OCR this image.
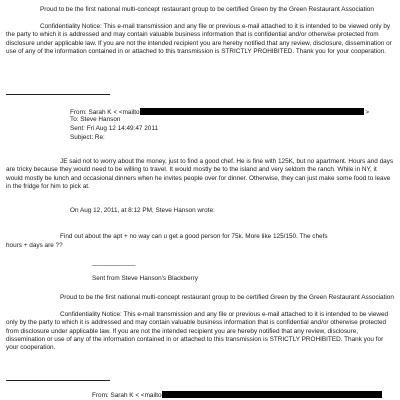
Proud to be the first national multi-concept restaurant group to be certified Green by the Green Restaurant Association

Confidentiality Notice: This e-mail transmission and any file or previous e-mail attached to it is intended to be viewed only by the party to which it is addressed and may contain valuable business information that is confidential and/or otherwise protected from disclosure under applicable law. If you are not the intended recipient you are hereby notified that any review, disclosure, dissemination or use of any of the information contained in or attached to this transmission is STRICTLY PROHIBITED. Thank you for your cooperation.

From: Sarah K < <mailto	>
To: Steve Hanson
Sent: Fri Aug 12 14:49:47 2011
Subject: Re:

JE said not to worry about the money, just to find a good chef. He is fine with 125K, but no apartment. Hours and days are tricky because they would need to be willing to travel. It would mostly be to the island and very seldom the ranch. While in NY, it would mostly be lunch and occasional dinners when he invites people over for dinner. Otherwise, they can just make some food to leave in the fridge for him to pick at.

On Aug 12, 2011, at 8:12 PM, Steve Hanson wrote:

Find out about the apt + no way can u get a good person for 75k. More like 125/150. The chefs

hours + days are ??
______________
Sent from Steve Hanson's Blackberry

Proud to be the first national multi-concept restaurant group to be certified Green by the Green Restaurant Association

Confidentiality Notice: This e-mail transmission and any file or previous e-mail attached to it is intended to be viewed only by the party to which it is addressed and may contain valuable business information that is confidential and/or otherwise protected from disclosure under applicable law. If you are not the intended recipient you are hereby notified that any review, disclosure, dissemination or use of any of the information contained in or attached to this transmission is STRICTLY PROHIBITED. Thank you for your cooperation.

From: Sarah K < <mailto
